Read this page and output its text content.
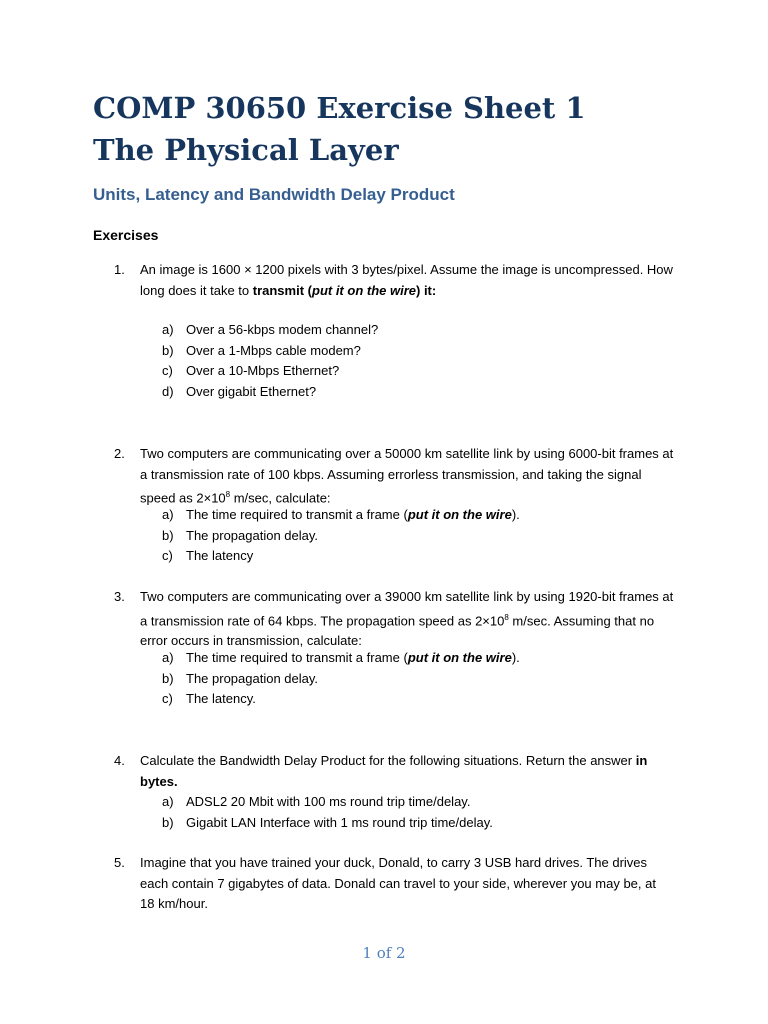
COMP 30650 Exercise Sheet 1
The Physical Layer
Units, Latency and Bandwidth Delay Product
Exercises
1.	An image is 1600 × 1200 pixels with 3 bytes/pixel. Assume the image is uncompressed. How long does it take to transmit (put it on the wire) it:
a) Over a 56-kbps modem channel?
b) Over a 1-Mbps cable modem?
c) Over a 10-Mbps Ethernet?
d) Over gigabit Ethernet?
2.	Two computers are communicating over a 50000 km satellite link by using 6000-bit frames at a transmission rate of 100 kbps. Assuming errorless transmission, and taking the signal speed as $2\times 10^8$ m/sec, calculate:
a) The time required to transmit a frame (put it on the wire).
b) The propagation delay.
c) The latency
3.	Two computers are communicating over a 39000 km satellite link by using 1920-bit frames at a transmission rate of 64 kbps. The propagation speed as $2\times 10^8$ m/sec. Assuming that no error occurs in transmission, calculate:
a) The time required to transmit a frame (put it on the wire).
b) The propagation delay.
c) The latency.
4.	Calculate the Bandwidth Delay Product for the following situations. Return the answer in bytes.
a) ADSL2 20 Mbit with 100 ms round trip time/delay.
b) Gigabit LAN Interface with 1 ms round trip time/delay.
5.	Imagine that you have trained your duck, Donald, to carry 3 USB hard drives. The drives each contain 7 gigabytes of data. Donald can travel to your side, wherever you may be, at 18 km/hour.
1 of 2
